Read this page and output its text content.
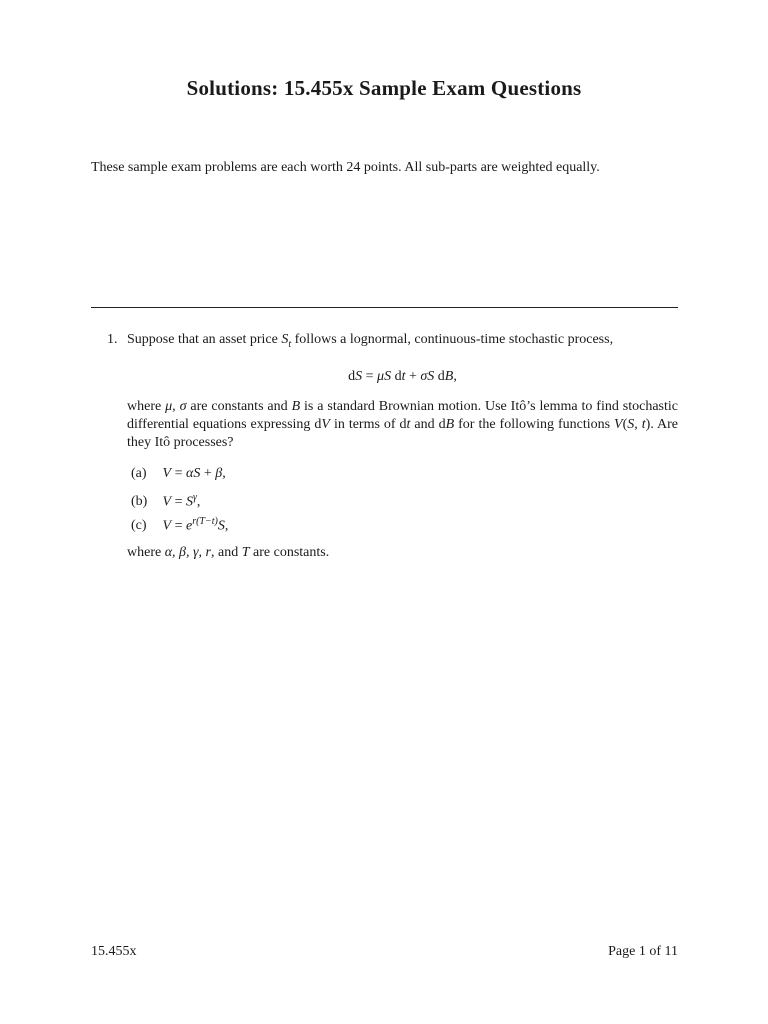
Solutions: 15.455x Sample Exam Questions
These sample exam problems are each worth 24 points. All sub-parts are weighted equally.
1. Suppose that an asset price $S_t$ follows a lognormal, continuous-time stochastic process,
dS = μS dt + σS dB,
where μ, σ are constants and B is a standard Brownian motion. Use Itô’s lemma to find stochastic differential equations expressing dV in terms of dt and dB for the following functions V(S, t). Are they Itô processes?
(a) V = αS + β,
(b) $V = S^\gamma$,
(c) $V = e^{r(T-t)}S$,
where α, β, γ, r, and T are constants.
15.455x	Page 1 of 11
